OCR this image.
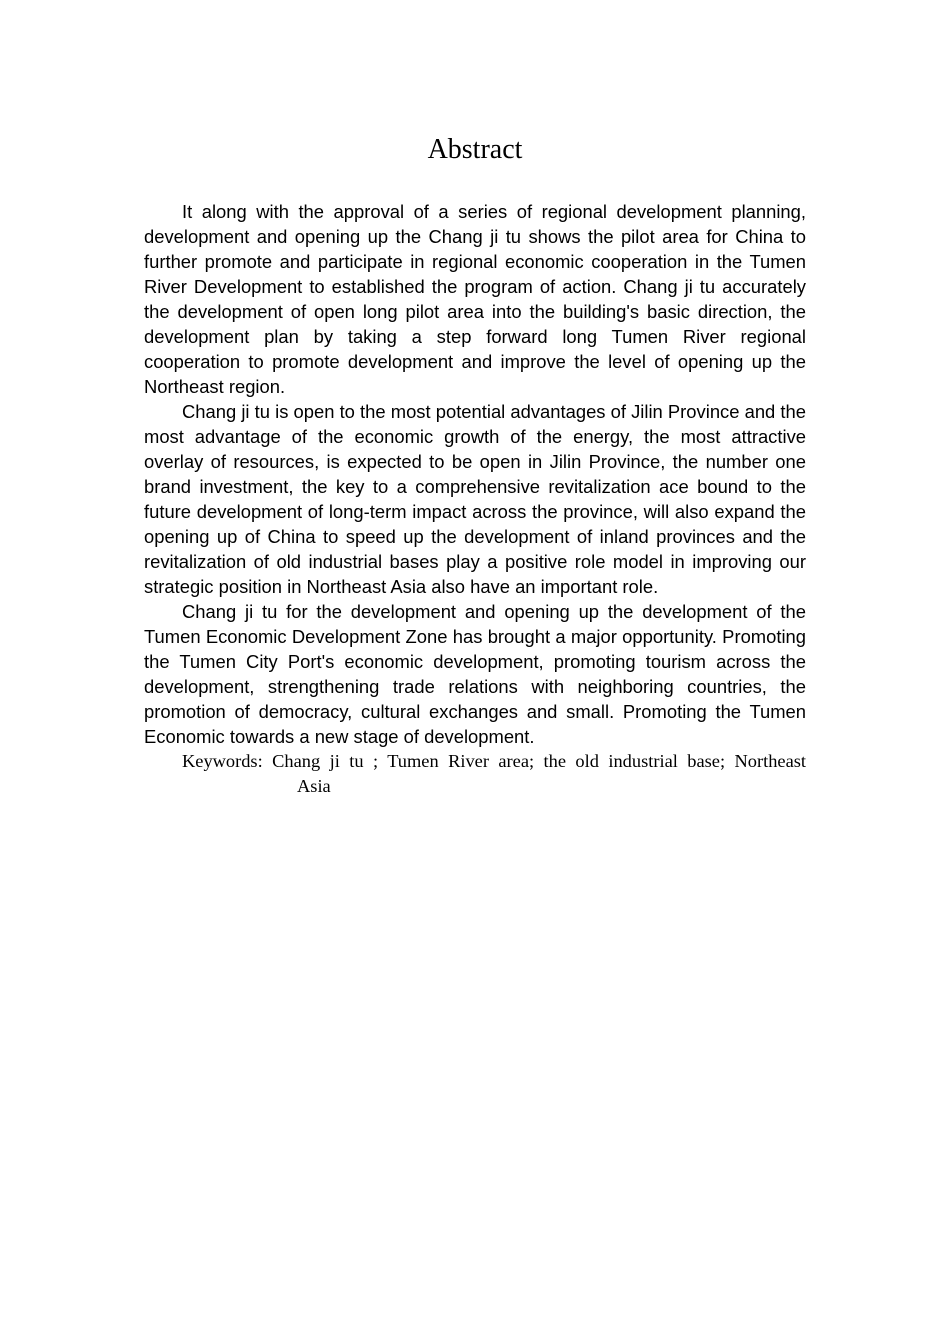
Abstract

It along with the approval of a series of regional development planning, development and opening up the Chang ji tu shows the pilot area for China to further promote and participate in regional economic cooperation in the Tumen River Development to established the program of action. Chang ji tu accurately the development of open long pilot area into the building's basic direction, the development plan by taking a step forward long Tumen River regional cooperation to promote development and improve the level of opening up the Northeast region.

Chang ji tu is open to the most potential advantages of Jilin Province and the most advantage of the economic growth of the energy, the most attractive overlay of resources, is expected to be open in Jilin Province, the number one brand investment, the key to a comprehensive revitalization ace bound to the future development of long-term impact across the province, will also expand the opening up of China to speed up the development of inland provinces and the revitalization of old industrial bases play a positive role model in improving our strategic position in Northeast Asia also have an important role.

Chang ji tu for the development and opening up the development of the Tumen Economic Development Zone has brought a major opportunity. Promoting the Tumen City Port's economic development, promoting tourism across the development, strengthening trade relations with neighboring countries, the promotion of democracy, cultural exchanges and small. Promoting the Tumen Economic towards a new stage of development.

Keywords: Chang ji tu ; Tumen River area; the old industrial base; Northeast

Asia
